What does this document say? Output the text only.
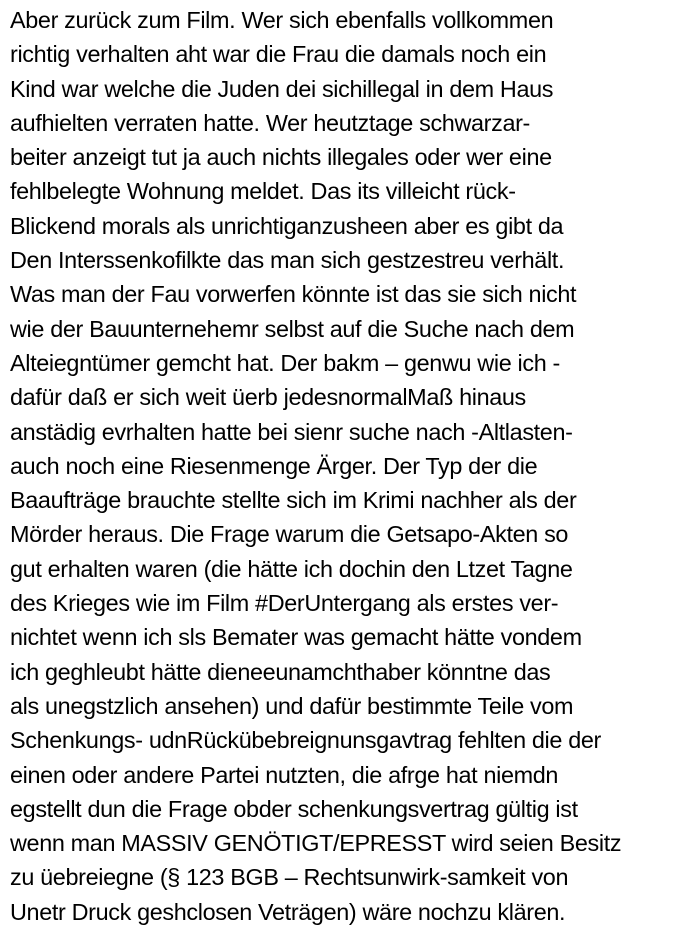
Aber zurück zum Film. Wer sich ebenfalls vollkommen
richtig verhalten aht war die Frau die damals noch ein
Kind war welche die Juden dei sichillegal in dem Haus
aufhielten verraten hatte. Wer heutztage schwarzar-
beiter anzeigt tut ja auch nichts illegales oder wer eine
fehlbelegte Wohnung meldet. Das its villeicht rück-
Blickend morals als unrichtiganzusheen aber es gibt da
Den Interssenkofilkte das man sich gestzestreu verhält.
Was man der Fau vorwerfen könnte ist das sie sich nicht
wie der Bauunternehemr selbst auf die Suche nach dem
Alteiegntümer gemcht hat. Der bakm – genwu wie ich -
dafür daß er sich weit üerb jedesnormalMaß hinaus
anstädig evrhalten hatte bei sienr suche nach -Altlasten-
auch noch eine Riesenmenge Ärger. Der Typ der die
Baaufträge brauchte stellte sich im Krimi nachher als der
Mörder heraus. Die Frage warum die Getsapo-Akten so
gut erhalten waren (die hätte ich dochin den Ltzet Tagne
des Krieges wie im Film #DerUntergang als erstes ver-
nichtet wenn ich sls Bemater was gemacht hätte vondem
ich geghleubt hätte dieneeunamchthaber könntne das
als unegstzlich ansehen) und dafür bestimmte Teile vom
Schenkungs- udnRückübebreignunsgavtrag fehlten die der
einen oder andere Partei nutzten, die afrge hat niemdn
egstellt dun die Frage obder schenkungsvertrag gültig ist
wenn man MASSIV GENÖTIGT/EPRESST wird seien Besitz
zu üebreiegne (§ 123 BGB – Rechtsunwirk-samkeit von
Unetr Druck geshclosen Veträgen) wäre nochzu klären.
